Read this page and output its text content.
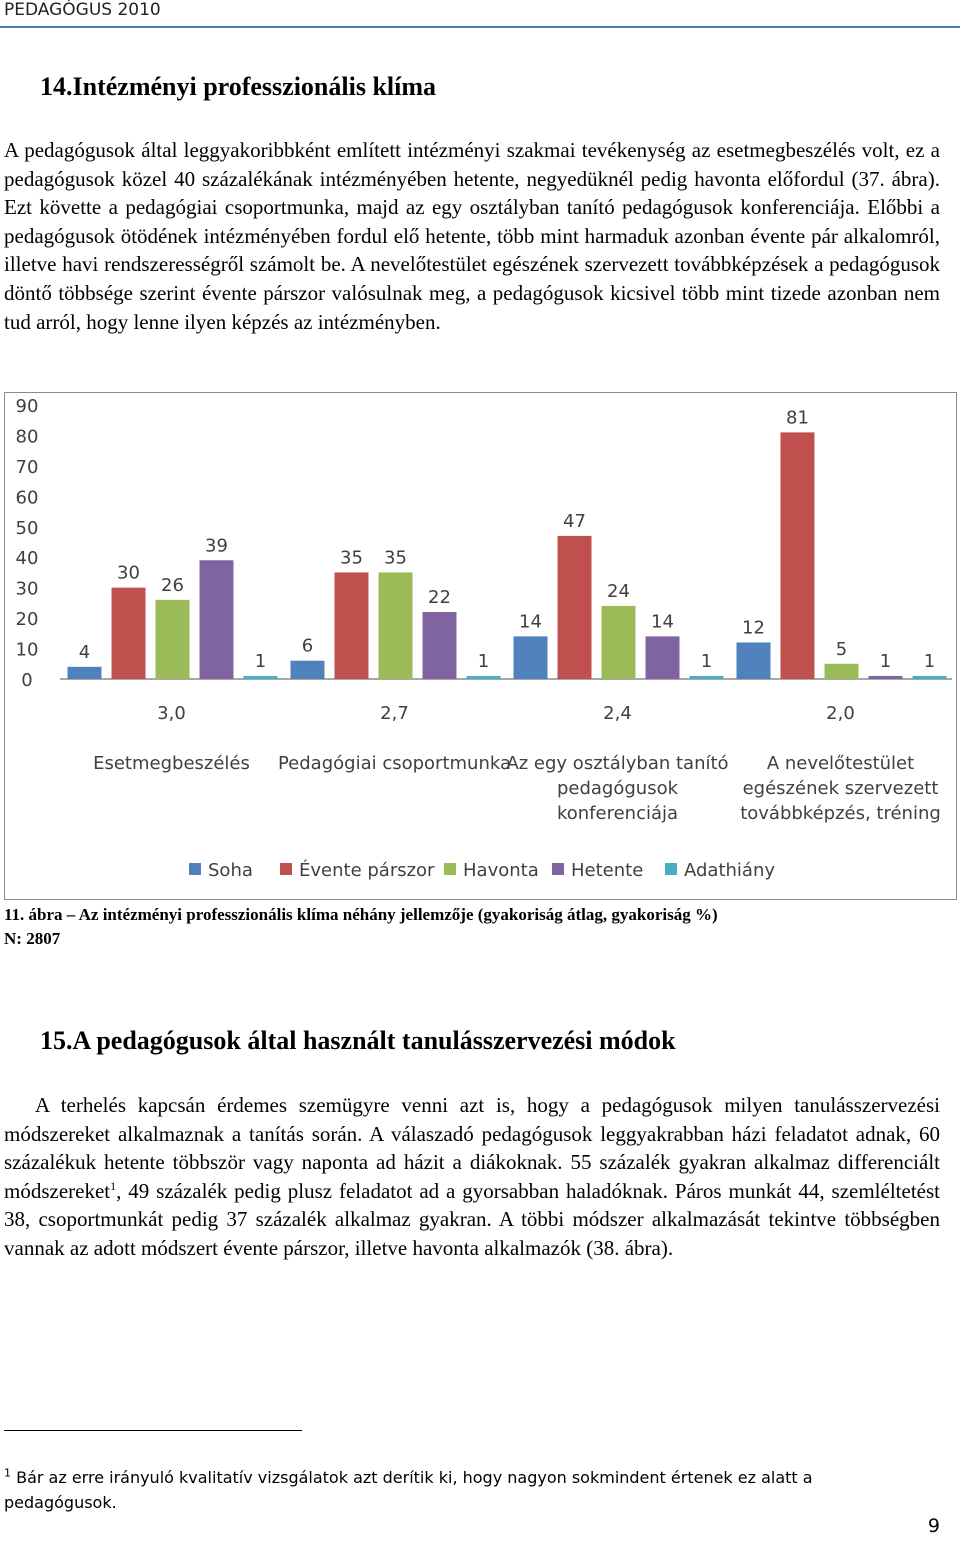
PEDAGÓGUS 2010
14.Intézményi professzionális klíma

A pedagógusok által leggyakoribbként említett intézményi szakmai tevékenység az esetmegbeszélés volt, ez a pedagógusok közel 40 százalékának intézményében hetente, negyedüknél pedig havonta előfordul (37. ábra). Ezt követte a pedagógiai csoportmunka, majd az egy osztályban tanító pedagógusok konferenciája. Előbbi a pedagógusok ötödének intézményében fordul elő hetente, több mint harmaduk azonban évente pár alkalomról, illetve havi rendszerességről számolt be. A nevelőtestület egészének szervezett továbbképzések a pedagógusok döntő többsége szerint évente párszor valósulnak meg, a pedagógusok kicsivel több mint tizede azonban nem tud arról, hogy lenne ilyen képzés az intézményben.

0
10
20
30
40
50
60
70
80
90
4
30
26
39
1
3,0
Esetmegbeszélés
6
35 35
22
1
2,7
Pedagógiai csoportmunka
14
47
24
14
1
2,4
Az egy osztályban tanító
pedagógusok
konferenciája
12
81
5
1 1
2,0
A nevelőtestület
egészének szervezett
továbbképzés, tréning
Soha	Évente párszor Havonta Hetente Adathiány
11. ábra – Az intézményi professzionális klíma néhány jellemzője (gyakoriság átlag, gyakoriság %)
N: 2807
15.A pedagógusok által használt tanulásszervezési módok

A terhelés kapcsán érdemes szemügyre venni azt is, hogy a pedagógusok milyen tanulásszervezési módszereket alkalmaznak a tanítás során. A válaszadó pedagógusok leggyakrabban házi feladatot adnak, 60 százalékuk hetente többször vagy naponta ad házit a diákoknak. 55 százalék gyakran alkalmaz differenciált módszereket$^1$, 49 százalék pedig plusz feladatot ad a gyorsabban haladóknak. Páros munkát 44, szemléltetést 38, csoportmunkát pedig 37 százalék alkalmaz gyakran. A többi módszer alkalmazását tekintve többségben vannak az adott módszert évente párszor, illetve havonta alkalmazók (38. ábra).

$^1$ Bár az erre irányuló kvalitatív vizsgálatok azt derítik ki, hogy nagyon sokmindent értenek ez alatt a pedagógusok.
9
